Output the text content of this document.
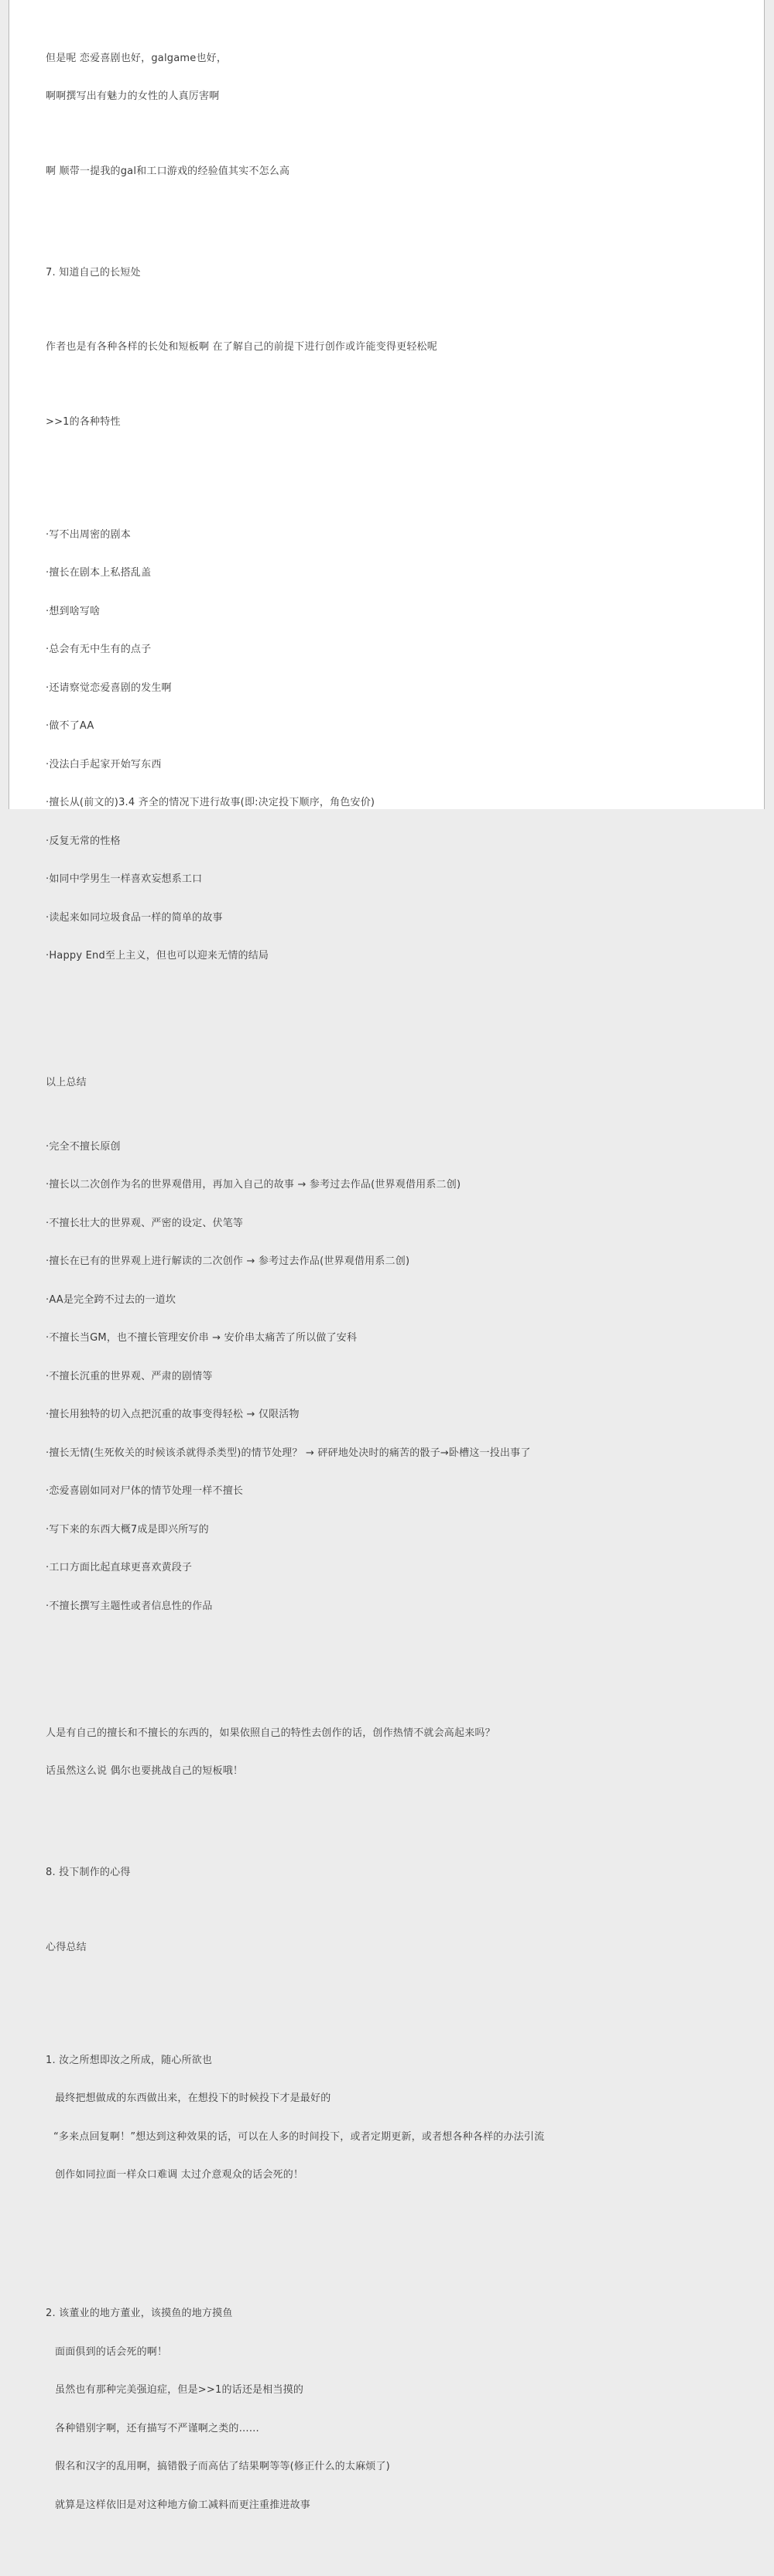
但是呢 恋爱喜剧也好，galgame也好，

啊啊撰写出有魅力的女性的人真厉害啊

啊 顺带一提我的gal和工口游戏的经验值其实不怎么高

7. 知道自己的长短处

作者也是有各种各样的长处和短板啊 在了解自己的前提下进行创作或许能变得更轻松呢

>>1的各种特性

·写不出周密的剧本

·擅长在剧本上私搭乱盖

·想到啥写啥

·总会有无中生有的点子

·还请察觉恋爱喜剧的发生啊

·做不了AA

·没法白手起家开始写东西

·擅长从(前文的)3.4 齐全的情况下进行故事(即:决定投下顺序，角色安价)

·反复无常的性格

·如同中学男生一样喜欢妄想系工口

·读起来如同垃圾食品一样的简单的故事

·Happy End至上主义，但也可以迎来无情的结局

以上总结

·完全不擅长原创

·擅长以二次创作为名的世界观借用，再加入自己的故事 → 参考过去作品(世界观借用系二创)

·不擅长壮大的世界观、严密的设定、伏笔等

·擅长在已有的世界观上进行解读的二次创作 → 参考过去作品(世界观借用系二创)

·AA是完全跨不过去的一道坎

·不擅长当GM，也不擅长管理安价串 → 安价串太痛苦了所以做了安科

·不擅长沉重的世界观、严肃的剧情等

·擅长用独特的切入点把沉重的故事变得轻松 → 仅限活物

·擅长无情(生死攸关的时候该杀就得杀类型)的情节处理？ → 砰砰地处决时的痛苦的骰子→卧槽这一投出事了

·恋爱喜剧如同对尸体的情节处理一样不擅长

·写下来的东西大概7成是即兴所写的

·工口方面比起直球更喜欢黄段子

·不擅长撰写主题性或者信息性的作品

人是有自己的擅长和不擅长的东西的，如果依照自己的特性去创作的话，创作热情不就会高起来吗？

话虽然这么说 偶尔也要挑战自己的短板哦！

8. 投下制作的心得

心得总结

1. 汝之所想即汝之所成，随心所欲也

最终把想做成的东西做出来，在想投下的时候投下才是最好的

“多来点回复啊！”想达到这种效果的话，可以在人多的时间投下，或者定期更新，或者想各种各样的办法引流

创作如同拉面一样众口难调 太过介意观众的话会死的！

2. 该董业的地方董业，该摸鱼的地方摸鱼

面面俱到的话会死的啊！

虽然也有那种完美强迫症，但是>>1的话还是相当摸的

各种错别字啊，还有描写不严谨啊之类的……

假名和汉字的乱用啊，搞错骰子而高估了结果啊等等(修正什么的太麻烦了)

就算是这样依旧是对这种地方偷工减料而更注重推进故事
